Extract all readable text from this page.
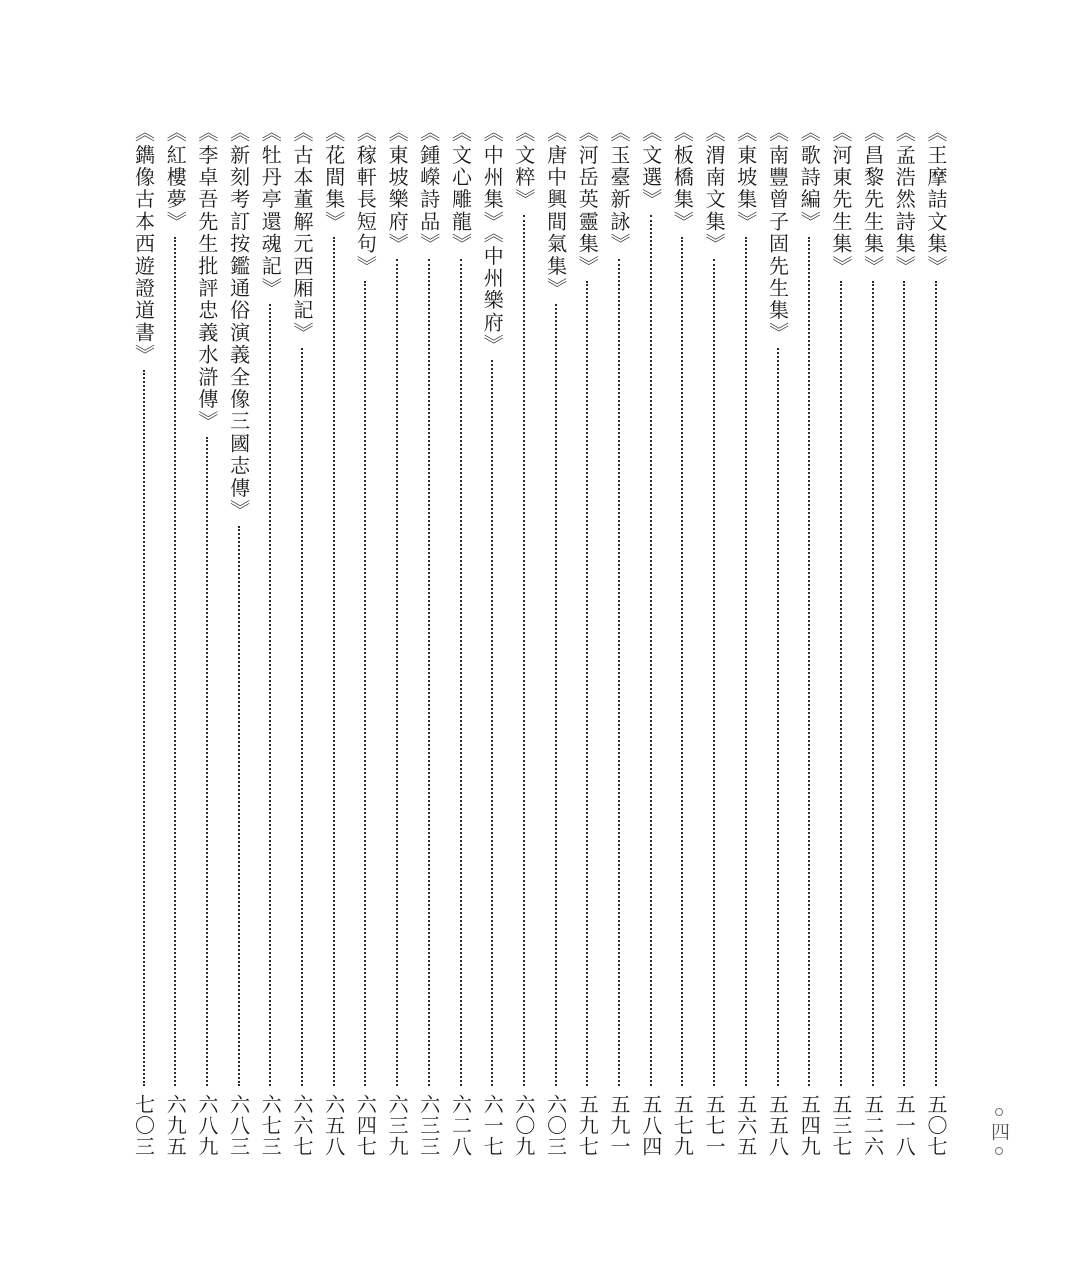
《王摩詰文集》
五〇七
《孟浩然詩集》
五一八
《昌黎先生集》
五二六
《河東先生集》
五三七
《歌詩編》
五四九
《南豐曾子固先生集》
五五八
《東坡集》
五六五
《渭南文集》
五七一
《板橋集》
五七九
《文選》
五八四
《玉臺新詠》
五九一
《河岳英靈集》
五九七
《唐中興間氣集》
六〇三
《文粹》
六〇九
《中州集》《中州樂府》
六一七
《文心雕龍》
六二八
《鍾嶸詩品》
六三三
《東坡樂府》
六三九
《稼軒長短句》
六四七
《花間集》
六五八
《古本董解元西厢記》
六六七
《牡丹亭還魂記》
六七三
《新刻考訂按鑑通俗演義全像三國志傳》
六八三
《李卓吾先生批評忠義水滸傳》
六八九
《紅樓夢》
六九五
《鐫像古本西遊證道書》
七〇三	四
